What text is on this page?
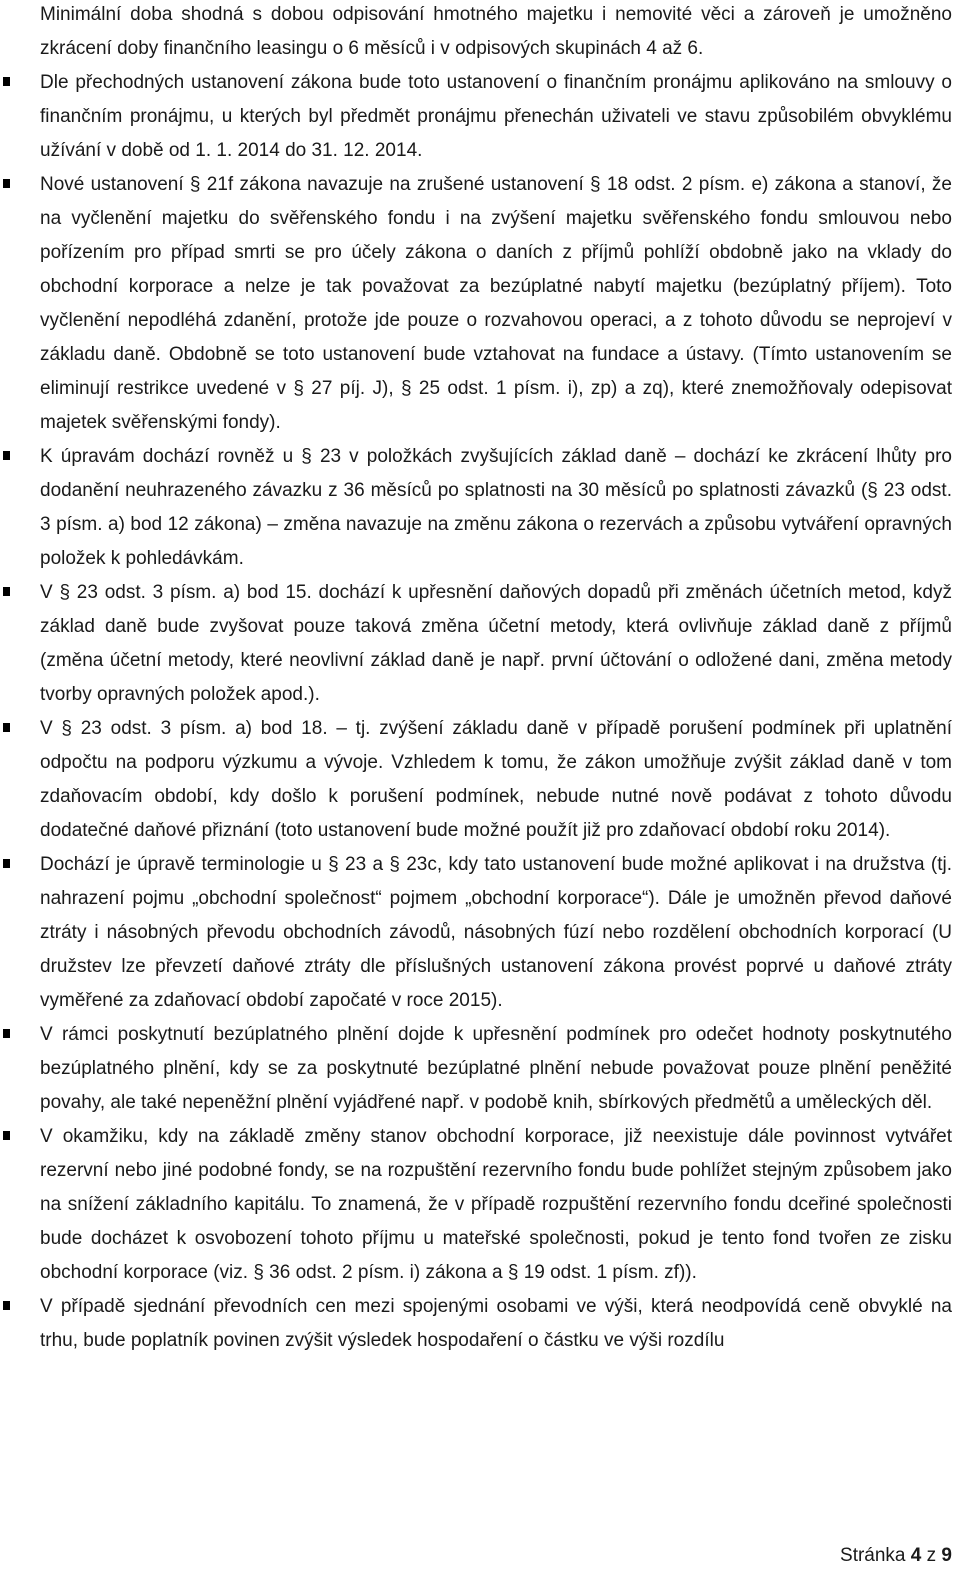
Minimální doba shodná s dobou odpisování hmotného majetku i nemovité věci a zároveň je umožněno zkrácení doby finančního leasingu o 6 měsíců i v odpisových skupinách 4 až 6.

Dle přechodných ustanovení zákona bude toto ustanovení o finančním pronájmu aplikováno na smlouvy o finančním pronájmu, u kterých byl předmět pronájmu přenechán uživateli ve stavu způsobilém obvyklému užívání v době od 1. 1. 2014 do 31. 12. 2014.
Nové ustanovení § 21f zákona navazuje na zrušené ustanovení § 18 odst. 2 písm. e) zákona a stanoví, že na vyčlenění majetku do svěřenského fondu i na zvýšení majetku svěřenského fondu smlouvou nebo pořízením pro případ smrti se pro účely zákona o daních z příjmů pohlíží obdobně jako na vklady do obchodní korporace a nelze je tak považovat za bezúplatné nabytí majetku (bezúplatný příjem). Toto vyčlenění nepodléhá zdanění, protože jde pouze o rozvahovou operaci, a z tohoto důvodu se neprojeví v základu daně. Obdobně se toto ustanovení bude vztahovat na fundace a ústavy. (Tímto ustanovením se eliminují restrikce uvedené v § 27 píj. J), § 25 odst. 1 písm. i), zp) a zq), které znemožňovaly odepisovat majetek svěřenskými fondy).
K úpravám dochází rovněž u § 23 v položkách zvyšujících základ daně – dochází ke zkrácení lhůty pro dodanění neuhrazeného závazku z 36 měsíců po splatnosti na 30 měsíců po splatnosti závazků (§ 23 odst. 3 písm. a) bod 12 zákona) – změna navazuje na změnu zákona o rezervách a způsobu vytváření opravných položek k pohledávkám.
V § 23 odst. 3 písm. a) bod 15. dochází k upřesnění daňových dopadů při změnách účetních metod, když základ daně bude zvyšovat pouze taková změna účetní metody, která ovlivňuje základ daně z příjmů (změna účetní metody, které neovlivní základ daně je např. první účtování o odložené dani, změna metody tvorby opravných položek apod.).
V § 23 odst. 3 písm. a) bod 18. – tj. zvýšení základu daně v případě porušení podmínek při uplatnění odpočtu na podporu výzkumu a vývoje. Vzhledem k tomu, že zákon umožňuje zvýšit základ daně v tom zdaňovacím období, kdy došlo k porušení podmínek, nebude nutné nově podávat z tohoto důvodu dodatečné daňové přiznání (toto ustanovení bude možné použít již pro zdaňovací období roku 2014).
Dochází je úpravě terminologie u § 23 a § 23c, kdy tato ustanovení bude možné aplikovat i na družstva (tj. nahrazení pojmu „obchodní společnost“ pojmem „obchodní korporace“). Dále je umožněn převod daňové ztráty i násobných převodu obchodních závodů, násobných fúzí nebo rozdělení obchodních korporací (U družstev lze převzetí daňové ztráty dle příslušných ustanovení zákona provést poprvé u daňové ztráty vyměřené za zdaňovací období započaté v roce 2015).
V rámci poskytnutí bezúplatného plnění dojde k upřesnění podmínek pro odečet hodnoty poskytnutého bezúplatného plnění, kdy se za poskytnuté bezúplatné plnění nebude považovat pouze plnění peněžité povahy, ale také nepeněžní plnění vyjádřené např. v podobě knih, sbírkových předmětů a uměleckých děl.
V okamžiku, kdy na základě změny stanov obchodní korporace, již neexistuje dále povinnost vytvářet rezervní nebo jiné podobné fondy, se na rozpuštění rezervního fondu bude pohlížet stejným způsobem jako na snížení základního kapitálu. To znamená, že v případě rozpuštění rezervního fondu dceřiné společnosti bude docházet k osvobození tohoto příjmu u mateřské společnosti, pokud je tento fond tvořen ze zisku obchodní korporace (viz. § 36 odst. 2 písm. i) zákona a § 19 odst. 1 písm. zf)).
V případě sjednání převodních cen mezi spojenými osobami ve výši, která neodpovídá ceně obvyklé na trhu, bude poplatník povinen zvýšit výsledek hospodaření o částku ve výši rozdílu
Stránka 4 z 9
